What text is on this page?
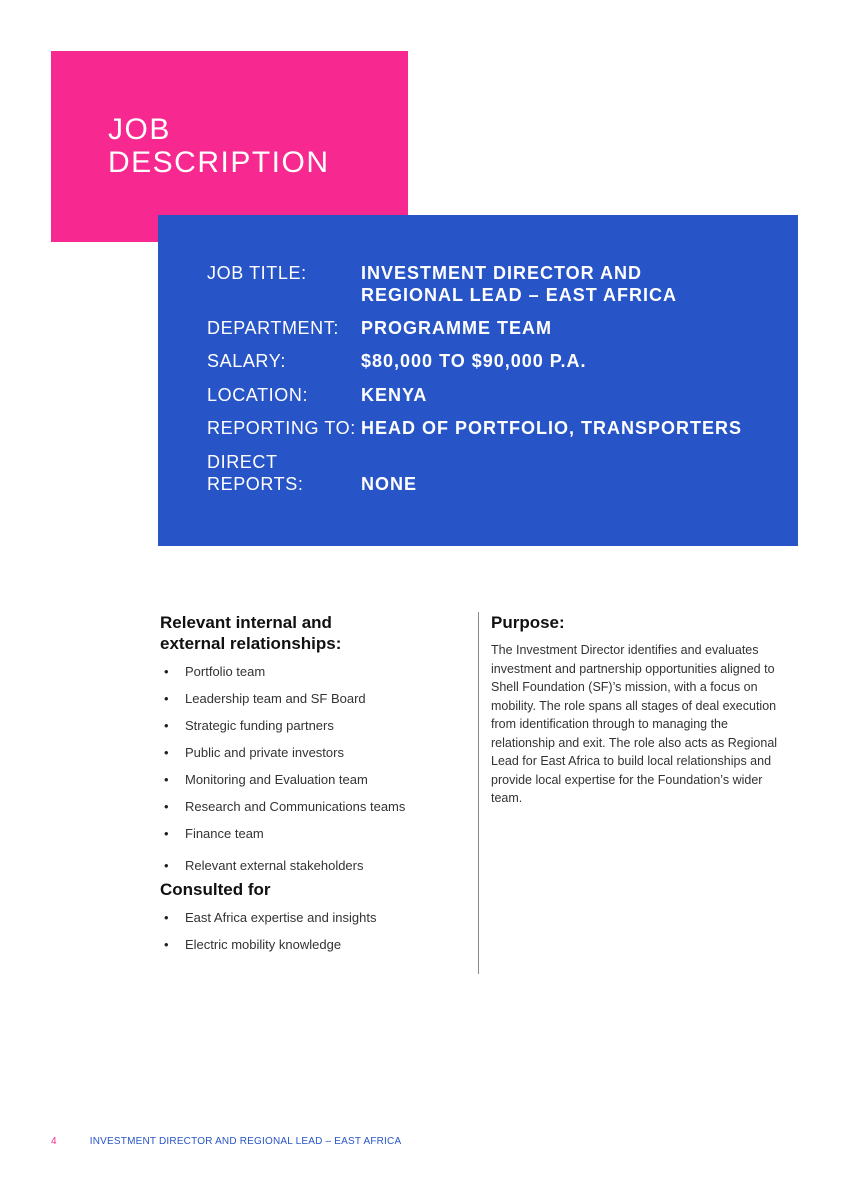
JOB
DESCRIPTION
JOB TITLE:	INVESTMENT DIRECTOR AND
REGIONAL LEAD – EAST AFRICA
DEPARTMENT:	PROGRAMME TEAM
SALARY:	$80,000 TO $90,000 P.A.
LOCATION:	KENYA
REPORTING TO: HEAD OF PORTFOLIO, TRANSPORTERS
DIRECT
REPORTS:	NONE
Relevant internal and
external relationships:
• Portfolio team
• Leadership team and SF Board
• Strategic funding partners
• Public and private investors
• Monitoring and Evaluation team
• Research and Communications teams
• Finance team
• Relevant external stakeholders
Consulted for
• East Africa expertise and insights
• Electric mobility knowledge
Purpose:
The Investment Director identifies and evaluates investment and partnership opportunities aligned to Shell Foundation (SF)’s mission, with a focus on mobility. The role spans all stages of deal execution from identification through to managing the relationship and exit. The role also acts as Regional Lead for East Africa to build local relationships and provide local expertise for the Foundation’s wider team.
4	INVESTMENT DIRECTOR AND REGIONAL LEAD – EAST AFRICA
